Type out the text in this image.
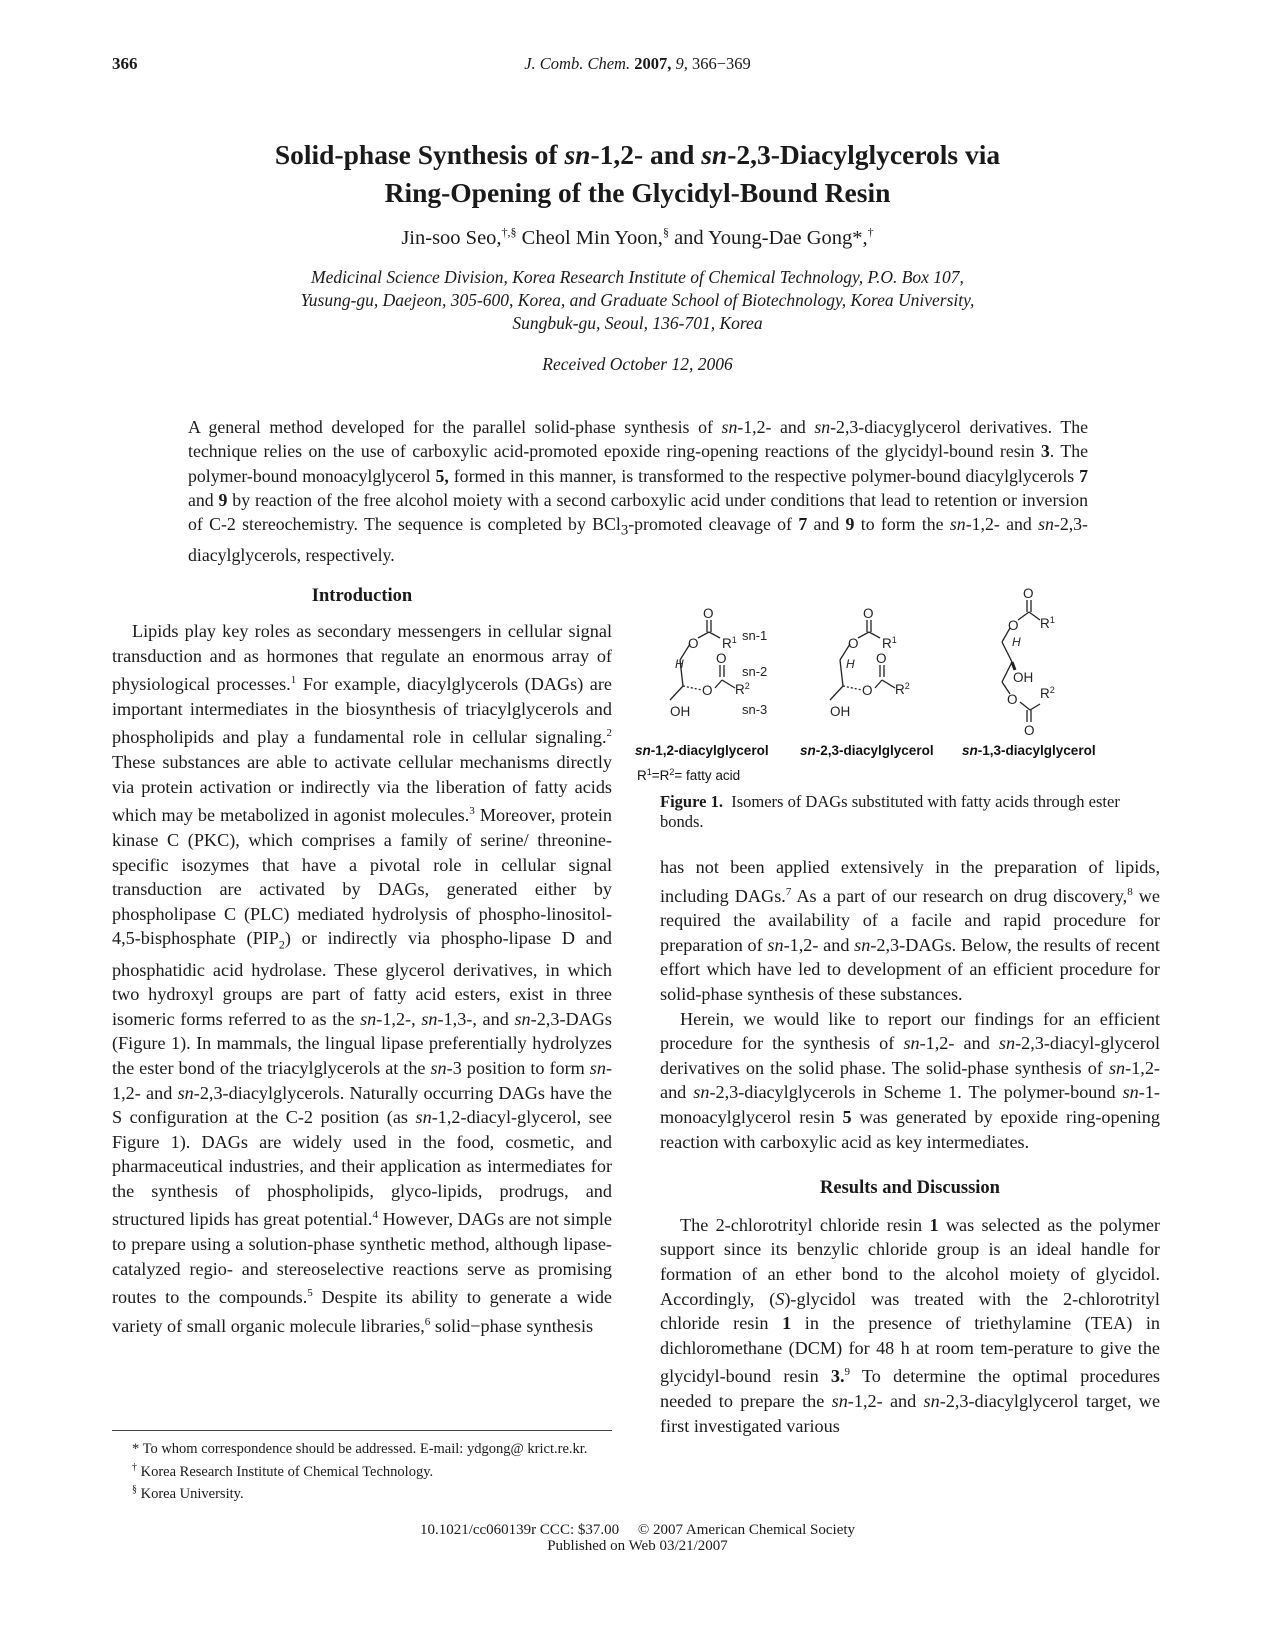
366	J. Comb. Chem. 2007, 9, 366−369
Solid-phase Synthesis of sn-1,2- and sn-2,3-Diacylglycerols via
Ring-Opening of the Glycidyl-Bound Resin
Jin-soo Seo,†,§ Cheol Min Yoon,§ and Young-Dae Gong*,†
Medicinal Science Division, Korea Research Institute of Chemical Technology, P.O. Box 107,
Yusung-gu, Daejeon, 305-600, Korea, and Graduate School of Biotechnology, Korea University,
Sungbuk-gu, Seoul, 136-701, Korea
Received October 12, 2006

A general method developed for the parallel solid-phase synthesis of sn-1,2- and sn-2,3-diacyglycerol derivatives. The technique relies on the use of carboxylic acid-promoted epoxide ring-opening reactions of the glycidyl-bound resin 3. The polymer-bound monoacylglycerol 5, formed in this manner, is transformed to the respective polymer-bound diacylglycerols 7 and 9 by reaction of the free alcohol moiety with a second carboxylic acid under conditions that lead to retention or inversion of C-2 stereochemistry. The sequence is completed by BCl$_3$-promoted cleavage of 7 and 9 to form the sn-1,2- and sn-2,3-diacylglycerols, respectively.

Introduction

Lipids play key roles as secondary messengers in cellular signal transduction and as hormones that regulate an enormous array of physiological processes.$^1$ For example, diacylglycerols (DAGs) are important intermediates in the biosynthesis of triacylglycerols and phospholipids and play a fundamental role in cellular signaling.$^2$ These substances are able to activate cellular mechanisms directly via protein activation or indirectly via the liberation of fatty acids which may be metabolized in agonist molecules.$^3$ Moreover, protein kinase C (PKC), which comprises a family of serine/ threonine-specific isozymes that have a pivotal role in cellular signal transduction are activated by DAGs, generated either by phospholipase C (PLC) mediated hydrolysis of phospho-linositol-4,5-bisphosphate $(PIP_2)$ or indirectly via phospho-lipase D and phosphatidic acid hydrolase. These glycerol derivatives, in which two hydroxyl groups are part of fatty acid esters, exist in three isomeric forms referred to as the sn-1,2-, sn-1,3-, and sn-2,3-DAGs (Figure 1). In mammals, the lingual lipase preferentially hydrolyzes the ester bond of the triacylglycerols at the sn-3 position to form sn-1,2- and sn-2,3-diacylglycerols. Naturally occurring DAGs have the S configuration at the C-2 position (as sn-1,2-diacyl-glycerol, see Figure 1). DAGs are widely used in the food, cosmetic, and pharmaceutical industries, and their application as intermediates for the synthesis of phospholipids, glyco-lipids, prodrugs, and structured lipids has great potential.$^4$ However, DAGs are not simple to prepare using a solution-phase synthetic method, although lipase-catalyzed regio- and stereoselective reactions serve as promising routes to the compounds.$^5$ Despite its ability to generate a wide variety of small organic molecule libraries,$^6$ solid−phase synthesis

* To whom correspondence should be addressed. E-mail: ydgong@ krict.re.kr.

† Korea Research Institute of Chemical Technology.

§ Korea University.

O
O $R^1$ sn-1
H O
sn-2
O $R^2$
OH	sn-3
O
O $R^1$
H O
O $R^2$
OH
O
O $R^1$
H
OH
O $R^2$
O
sn-1,2-diacylglycerol sn-2,3-diacylglycerol sn-1,3-diacylglycerol
$R^1=R^2=$ fatty acid
Figure 1. Isomers of DAGs substituted with fatty acids through ester bonds.

has not been applied extensively in the preparation of lipids, including DAGs.$^7$ As a part of our research on drug discovery,$^8$ we required the availability of a facile and rapid procedure for preparation of sn-1,2- and sn-2,3-DAGs. Below, the results of recent effort which have led to development of an efficient procedure for solid-phase synthesis of these substances.

Herein, we would like to report our findings for an efficient procedure for the synthesis of sn-1,2- and sn-2,3-diacyl-glycerol derivatives on the solid phase. The solid-phase synthesis of sn-1,2- and sn-2,3-diacylglycerols in Scheme 1. The polymer-bound sn-1-monoacylglycerol resin 5 was generated by epoxide ring-opening reaction with carboxylic acid as key intermediates.

Results and Discussion

The 2-chlorotrityl chloride resin 1 was selected as the polymer support since its benzylic chloride group is an ideal handle for formation of an ether bond to the alcohol moiety of glycidol. Accordingly, (S)-glycidol was treated with the 2-chlorotrityl chloride resin 1 in the presence of triethylamine (TEA) in dichloromethane (DCM) for 48 h at room tem-perature to give the glycidyl-bound resin 3.$^9$ To determine the optimal procedures needed to prepare the sn-1,2- and sn-2,3-diacylglycerol target, we first investigated various

10.1021/cc060139r CCC: $37.00     © 2007 American Chemical Society
Published on Web 03/21/2007
